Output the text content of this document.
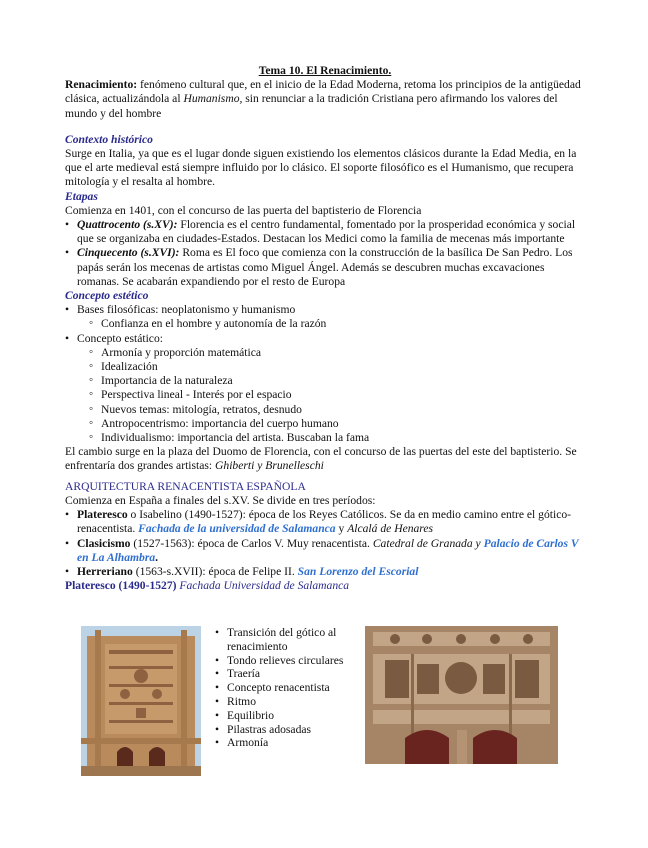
Tema 10. El Renacimiento.
Renacimiento: fenómeno cultural que, en el inicio de la Edad Moderna, retoma los principios de la antigüedad clásica, actualizándola al Humanismo, sin renunciar a la tradición Cristiana pero afirmando los valores del mundo y del hombre
Contexto histórico
Surge en Italia, ya que es el lugar donde siguen existiendo los elementos clásicos durante la Edad Media, en la que el arte medieval está siempre influido por lo clásico. El soporte filosófico es el Humanismo, que recupera mitología y el resalta al hombre.
Etapas
Comienza en 1401, con el concurso de las puerta del baptisterio de Florencia
• Quattrocento (s.XV): Florencia es el centro fundamental, fomentado por la prosperidad económica y social que se organizaba en ciudades-Estados. Destacan los Medici como la familia de mecenas más importante
• Cinquecento (s.XVI): Roma es El foco que comienza con la construcción de la basílica De San Pedro. Los papás serán los mecenas de artistas como Miguel Ángel. Además se descubren muchas excavaciones romanas. Se acabarán expandiendo por el resto de Europa
Concepto estético
• Bases filosóficas: neoplatonismo y humanismo
◦ Confianza en el hombre y autonomía de la razón
• Concepto estático:
◦ Armonía y proporción matemática
◦ Idealización
◦ Importancia de la naturaleza
◦ Perspectiva lineal - Interés por el espacio
◦ Nuevos temas: mitología, retratos, desnudo
◦ Antropocentrismo: importancia del cuerpo humano
◦ Individualismo: importancia del artista. Buscaban la fama
El cambio surge en la plaza del Duomo de Florencia, con el concurso de las puertas del este del baptisterio. Se enfrentaría dos grandes artistas: Ghiberti y Brunelleschi
ARQUITECTURA RENACENTISTA ESPAÑOLA
Comienza en España a finales del s.XV. Se divide en tres períodos:
• Plateresco o Isabelino (1490-1527): época de los Reyes Católicos. Se da en medio camino entre el gótico-renacentista. Fachada de la universidad de Salamanca y Alcalá de Henares
• Clasicismo (1527-1563): época de Carlos V. Muy renacentista. Catedral de Granada y Palacio de Carlos V en La Alhambra.
• Herreriano (1563-s.XVII): época de Felipe II. San Lorenzo del Escorial
Plateresco (1490-1527) Fachada Universidad de Salamanca
• Transición del gótico al renacimiento
• Tondo relieves circulares
• Traería
• Concepto renacentista
• Ritmo
• Equilibrio
• Pilastras adosadas
• Armonía
